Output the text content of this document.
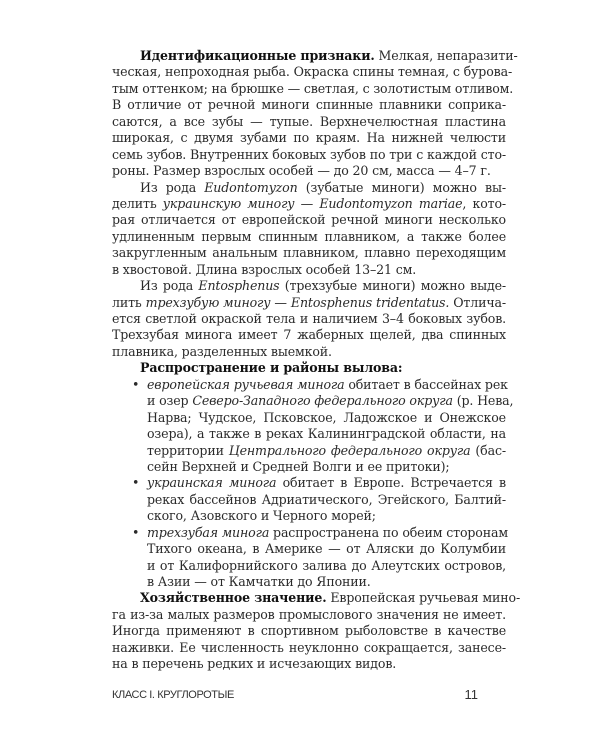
Идентификационные признаки. Мелкая, непаразити-
ческая, непроходная рыба. Окраска спины темная, с бурова-
тым оттенком; на брюшке — светлая, с золотистым отливом.
В отличие от речной миноги спинные плавники соприка-
саются, а все зубы — тупые. Верхнечелюстная пластина
широкая, с двумя зубами по краям. На нижней челюсти
семь зубов. Внутренних боковых зубов по три с каждой сто-
роны. Размер взрослых особей — до 20 см, масса — 4–7 г.
Из рода Eudontomyzon (зубатые миноги) можно вы-
делить украинскую миногу — Eudontomyzon mariae, кото-
рая отличается от европейской речной миноги несколько
удлиненным первым спинным плавником, а также более
закругленным анальным плавником, плавно переходящим
в хвостовой. Длина взрослых особей 13–21 см.
Из рода Entosphenus (трехзубые миноги) можно выде-
лить трехзубую миногу — Entosphenus tridentatus. Отлича-
ется светлой окраской тела и наличием 3–4 боковых зубов.
Трехзубая минога имеет 7 жаберных щелей, два спинных
плавника, разделенных выемкой.
Распространение и районы вылова:
• европейская ручьевая минога обитает в бассейнах рек
и озер Северо-Западного федерального округа (р. Нева,
Нарва; Чудское, Псковское, Ладожское и Онежское
озера), а также в реках Калининградской области, на
территории Центрального федерального округа (бас-
сейн Верхней и Средней Волги и ее притоки);
• украинская минога обитает в Европе. Встречается в
реках бассейнов Адриатического, Эгейского, Балтий-
ского, Азовского и Черного морей;
• трехзубая минога распространена по обеим сторонам
Тихого океана, в Америке — от Аляски до Колумбии
и от Калифорнийского залива до Алеутских островов,
в Азии — от Камчатки до Японии.
Хозяйственное значение. Европейская ручьевая мино-
га из-за малых размеров промыслового значения не имеет.
Иногда применяют в спортивном рыболовстве в качестве
наживки. Ее численность неуклонно сокращается, занесе-
на в перечень редких и исчезающих видов.
КЛАСС I. КРУГЛОРОТЫЕ	11
